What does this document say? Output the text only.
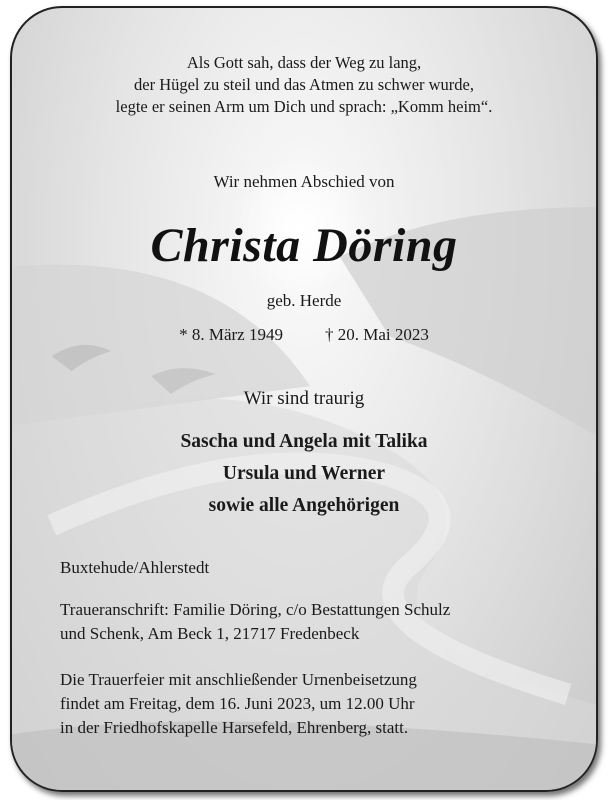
Als Gott sah, dass der Weg zu lang,
der Hügel zu steil und das Atmen zu schwer wurde,
legte er seinen Arm um Dich und sprach: „Komm heim“.
Wir nehmen Abschied von
Christa Döring
geb. Herde
* 8. März 1949 † 20. Mai 2023
Wir sind traurig
Sascha und Angela mit Talika
Ursula und Werner
sowie alle Angehörigen
Buxtehude/Ahlerstedt
Traueranschrift: Familie Döring, c/o Bestattungen Schulz
und Schenk, Am Beck 1, 21717 Fredenbeck
Die Trauerfeier mit anschließender Urnenbeisetzung
findet am Freitag, dem 16. Juni 2023, um 12.00 Uhr
in der Friedhofskapelle Harsefeld, Ehrenberg, statt.
